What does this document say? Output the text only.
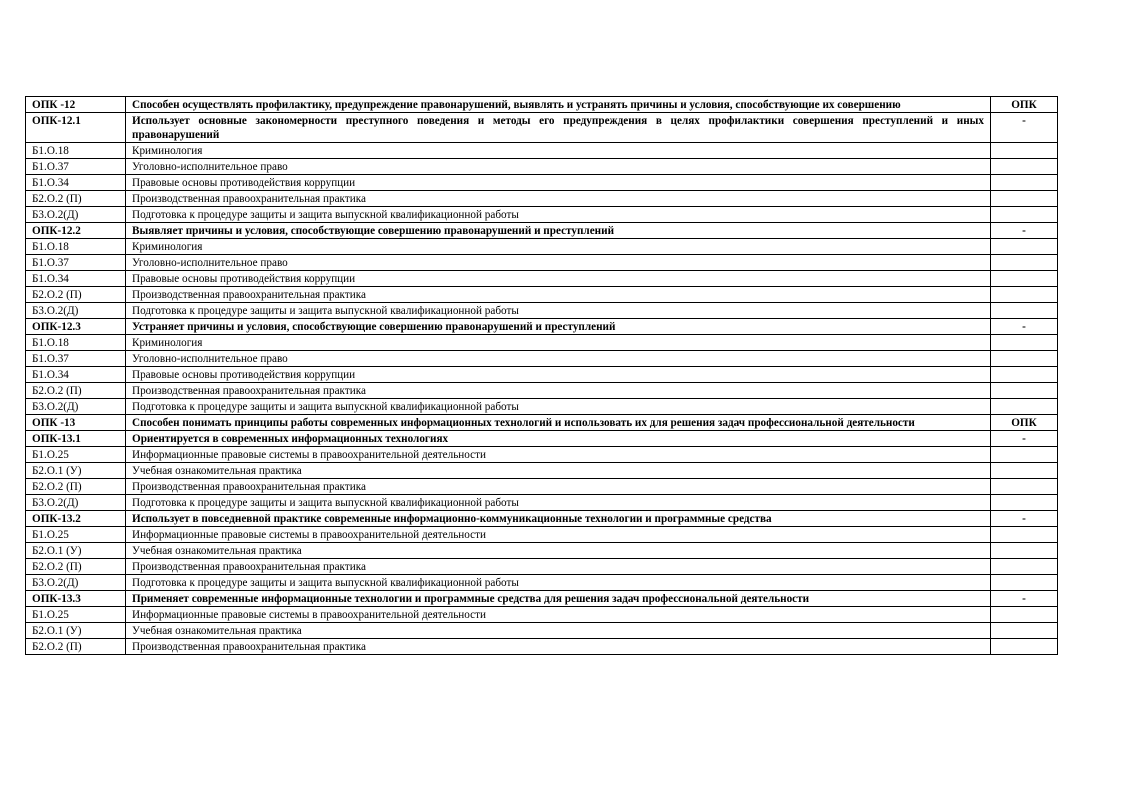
ОПК -12	Способен осуществлять профилактику, предупреждение правонарушений, выявлять и устранять причины и условия, способствующие их совершению	ОПК
ОПК-12.1	Использует основные закономерности преступного поведения и методы его предупреждения в целях профилактики совершения преступлений и иных правонарушений	-
Б1.О.18	Криминология	
Б1.О.37	Уголовно-исполнительное право	
Б1.О.34	Правовые основы противодействия коррупции	
Б2.О.2 (П)	Производственная правоохранительная практика	
Б3.О.2(Д)	Подготовка к процедуре защиты и защита выпускной квалификационной работы	
ОПК-12.2	Выявляет причины и условия, способствующие совершению правонарушений и преступлений	-
Б1.О.18	Криминология	
Б1.О.37	Уголовно-исполнительное право	
Б1.О.34	Правовые основы противодействия коррупции	
Б2.О.2 (П)	Производственная правоохранительная практика	
Б3.О.2(Д)	Подготовка к процедуре защиты и защита выпускной квалификационной работы	
ОПК-12.3	Устраняет причины и условия, способствующие совершению правонарушений и преступлений	-
Б1.О.18	Криминология	
Б1.О.37	Уголовно-исполнительное право	
Б1.О.34	Правовые основы противодействия коррупции	
Б2.О.2 (П)	Производственная правоохранительная практика	
Б3.О.2(Д)	Подготовка к процедуре защиты и защита выпускной квалификационной работы	
ОПК -13	Способен понимать принципы работы современных информационных технологий и использовать их для решения задач профессиональной деятельности	ОПК
ОПК-13.1	Ориентируется в современных информационных технологиях	-
Б1.О.25	Информационные правовые системы в правоохранительной деятельности	
Б2.О.1 (У)	Учебная ознакомительная практика	
Б2.О.2 (П)	Производственная правоохранительная практика	
Б3.О.2(Д)	Подготовка к процедуре защиты и защита выпускной квалификационной работы	
ОПК-13.2	Использует в повседневной практике современные информационно-коммуникационные технологии и программные средства	-
Б1.О.25	Информационные правовые системы в правоохранительной деятельности	
Б2.О.1 (У)	Учебная ознакомительная практика	
Б2.О.2 (П)	Производственная правоохранительная практика	
Б3.О.2(Д)	Подготовка к процедуре защиты и защита выпускной квалификационной работы	
ОПК-13.3	Применяет современные информационные технологии и программные средства для решения задач профессиональной деятельности	-
Б1.О.25	Информационные правовые системы в правоохранительной деятельности	
Б2.О.1 (У)	Учебная ознакомительная практика	
Б2.О.2 (П)	Производственная правоохранительная практика	
